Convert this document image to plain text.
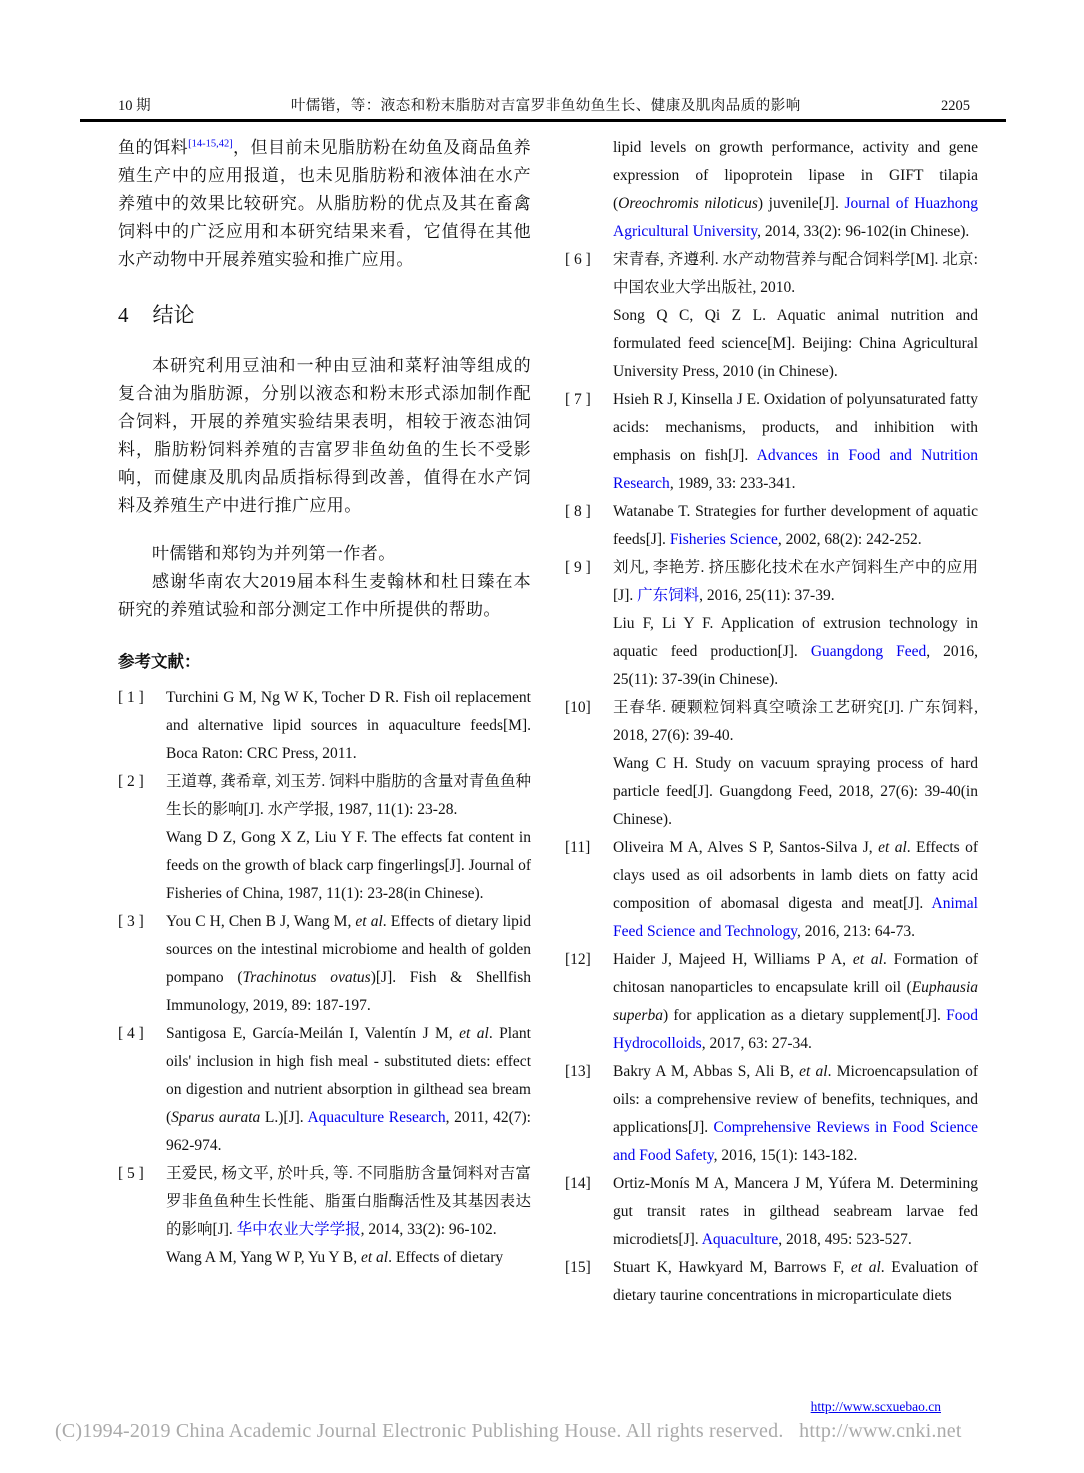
10 期	叶儒锴，等：液态和粉末脂肪对吉富罗非鱼幼鱼生长、健康及肌肉品质的影响	2205

鱼的饵料[14-15,42]，但目前未见脂肪粉在幼鱼及商品鱼养殖生产中的应用报道，也未见脂肪粉和液体油在水产养殖中的效果比较研究。从脂肪粉的优点及其在畜禽饲料中的广泛应用和本研究结果来看，它值得在其他水产动物中开展养殖实验和推广应用。

4 结论

本研究利用豆油和一种由豆油和菜籽油等组成的复合油为脂肪源，分别以液态和粉末形式添加制作配合饲料，开展的养殖实验结果表明，相较于液态油饲料，脂肪粉饲料养殖的吉富罗非鱼幼鱼的生长不受影响，而健康及肌肉品质指标得到改善，值得在水产饲料及养殖生产中进行推广应用。

叶儒锴和郑钧为并列第一作者。

感谢华南农大2019届本科生麦翰林和杜日臻在本研究的养殖试验和部分测定工作中所提供的帮助。

参考文献：
[ 1 ]	Turchini G M, Ng W K, Tocher D R. Fish oil replacement and alternative lipid sources in aquaculture feeds[M]. Boca Raton: CRC Press, 2011.
[ 2 ]	王道尊, 龚希章, 刘玉芳. 饲料中脂肪的含量对青鱼鱼种生长的影响[J]. 水产学报, 1987, 11(1): 23-28.
Wang D Z, Gong X Z, Liu Y F. The effects fat content in feeds on the growth of black carp fingerlings[J]. Journal of Fisheries of China, 1987, 11(1): 23-28(in Chinese).
[ 3 ]	You C H, Chen B J, Wang M, et al. Effects of dietary lipid sources on the intestinal microbiome and health of golden pompano (Trachinotus ovatus)[J]. Fish & Shellfish Immunology, 2019, 89: 187-197.
[ 4 ]	Santigosa E, García-Meilán I, Valentín J M, et al. Plant oils' inclusion in high fish meal - substituted diets: effect on digestion and nutrient absorption in gilthead sea bream (Sparus aurata L.)[J]. Aquaculture Research, 2011, 42(7): 962-974.
[ 5 ]	王爱民, 杨文平, 於叶兵, 等. 不同脂肪含量饲料对吉富罗非鱼鱼种生长性能、脂蛋白脂酶活性及其基因表达的影响[J]. 华中农业大学学报, 2014, 33(2): 96-102.
Wang A M, Yang W P, Yu Y B, et al. Effects of dietary
lipid levels on growth performance, activity and gene expression of lipoprotein lipase in GIFT tilapia (Oreochromis niloticus) juvenile[J]. Journal of Huazhong Agricultural University, 2014, 33(2): 96-102(in Chinese).
[ 6 ]	宋青春, 齐遵利. 水产动物营养与配合饲料学[M]. 北京: 中国农业大学出版社, 2010.
Song Q C, Qi Z L. Aquatic animal nutrition and formulated feed science[M]. Beijing: China Agricultural University Press, 2010 (in Chinese).
[ 7 ]	Hsieh R J, Kinsella J E. Oxidation of polyunsaturated fatty acids: mechanisms, products, and inhibition with emphasis on fish[J]. Advances in Food and Nutrition Research, 1989, 33: 233-341.
[ 8 ]	Watanabe T. Strategies for further development of aquatic feeds[J]. Fisheries Science, 2002, 68(2): 242-252.
[ 9 ]	刘凡, 李艳芳. 挤压膨化技术在水产饲料生产中的应用[J]. 广东饲料, 2016, 25(11): 37-39.
Liu F, Li Y F. Application of extrusion technology in aquatic feed production[J]. Guangdong Feed, 2016, 25(11): 37-39(in Chinese).
[10]	王春华. 硬颗粒饲料真空喷涂工艺研究[J]. 广东饲料, 2018, 27(6): 39-40.
Wang C H. Study on vacuum spraying process of hard particle feed[J]. Guangdong Feed, 2018, 27(6): 39-40(in Chinese).
[11]	Oliveira M A, Alves S P, Santos-Silva J, et al. Effects of clays used as oil adsorbents in lamb diets on fatty acid composition of abomasal digesta and meat[J]. Animal Feed Science and Technology, 2016, 213: 64-73.
[12]	Haider J, Majeed H, Williams P A, et al. Formation of chitosan nanoparticles to encapsulate krill oil (Euphausia superba) for application as a dietary supplement[J]. Food Hydrocolloids, 2017, 63: 27-34.
[13]	Bakry A M, Abbas S, Ali B, et al. Microencapsulation of oils: a comprehensive review of benefits, techniques, and applications[J]. Comprehensive Reviews in Food Science and Food Safety, 2016, 15(1): 143-182.
[14]	Ortiz-Monís M A, Mancera J M, Yúfera M. Determining gut transit rates in gilthead seabream larvae fed microdiets[J]. Aquaculture, 2018, 495: 523-527.
[15]	Stuart K, Hawkyard M, Barrows F, et al. Evaluation of dietary taurine concentrations in microparticulate diets
http://www.scxuebao.cn
(C)1994-2019 China Academic Journal Electronic Publishing House. All rights reserved.   http://www.cnki.net
